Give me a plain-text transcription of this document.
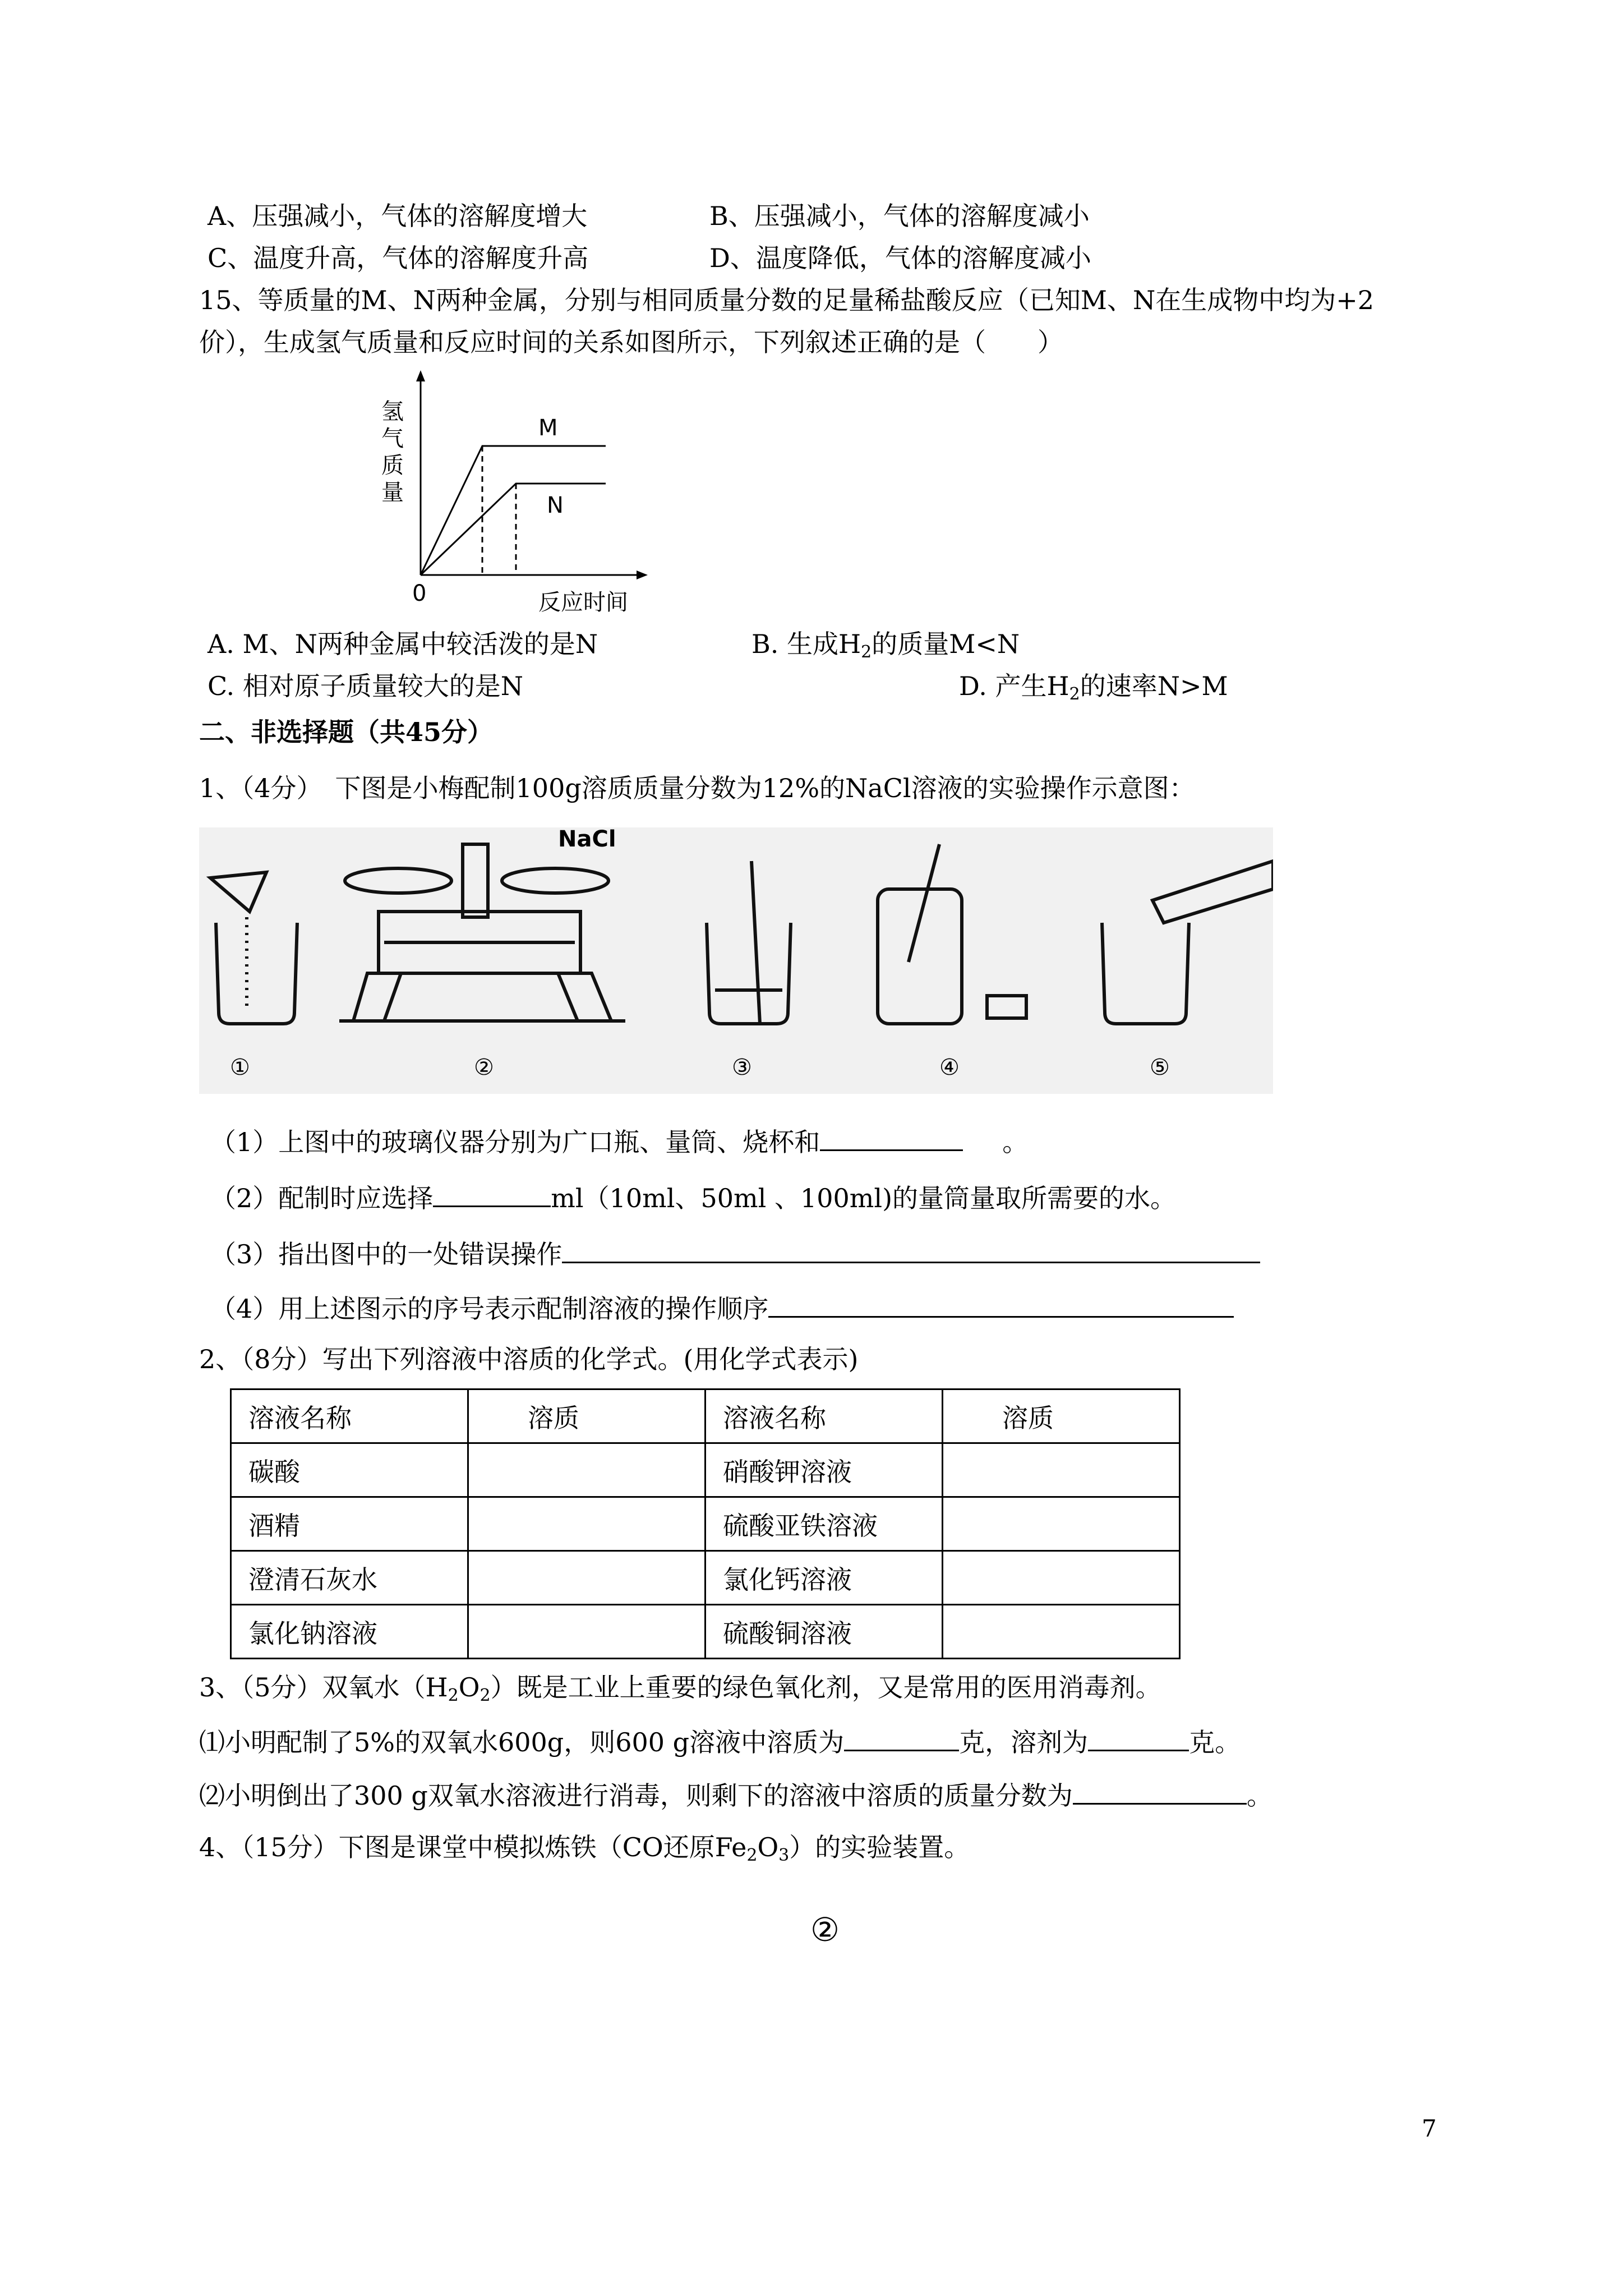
A、压强减小，气体的溶解度增大	B、压强减小，气体的溶解度减小
C、温度升高，气体的溶解度升高	D、温度降低，气体的溶解度减小
15、等质量的M、N两种金属，分别与相同质量分数的足量稀盐酸反应（已知M、N在生成物中均为+2
价），生成氢气质量和反应时间的关系如图所示，下列叙述正确的是（　　）
氢气质量
反应时间
0
M
N
A. M、N两种金属中较活泼的是N	B. 生成$H_2$的质量M<N
C. 相对原子质量较大的是N	D. 产生$H_2$的速率N>M
二、非选择题（共45分）
1、（4分）　下图是小梅配制100g溶质质量分数为12%的NaCl溶液的实验操作示意图：
NaCl
①	②	③	④	⑤
（1）上图中的玻璃仪器分别为广口瓶、量筒、烧杯和	。
（2）配制时应选择	ml（10ml、50ml 、100ml)的量筒量取所需要的水。
（3）指出图中的一处错误操作
（4）用上述图示的序号表示配制溶液的操作顺序
2、（8分）写出下列溶液中溶质的化学式。(用化学式表示)
溶液名称	溶质	溶液名称	溶质
碳酸		硝酸钾溶液	
酒精		硫酸亚铁溶液	
澄清石灰水		氯化钙溶液	
氯化钠溶液		硫酸铜溶液	
3、（5分）双氧水$(H_2O_2)$既是工业上重要的绿色氧化剂，又是常用的医用消毒剂。
⑴小明配制了5%的双氧水600g，则600 g溶液中溶质为	克，溶剂为	克。
⑵小明倒出了300 g双氧水溶液进行消毒，则剩下的溶液中溶质的质量分数为	。
4、（15分）下图是课堂中模拟炼铁（CO还原$Fe_2O_3$）的实验装置。
②
7
